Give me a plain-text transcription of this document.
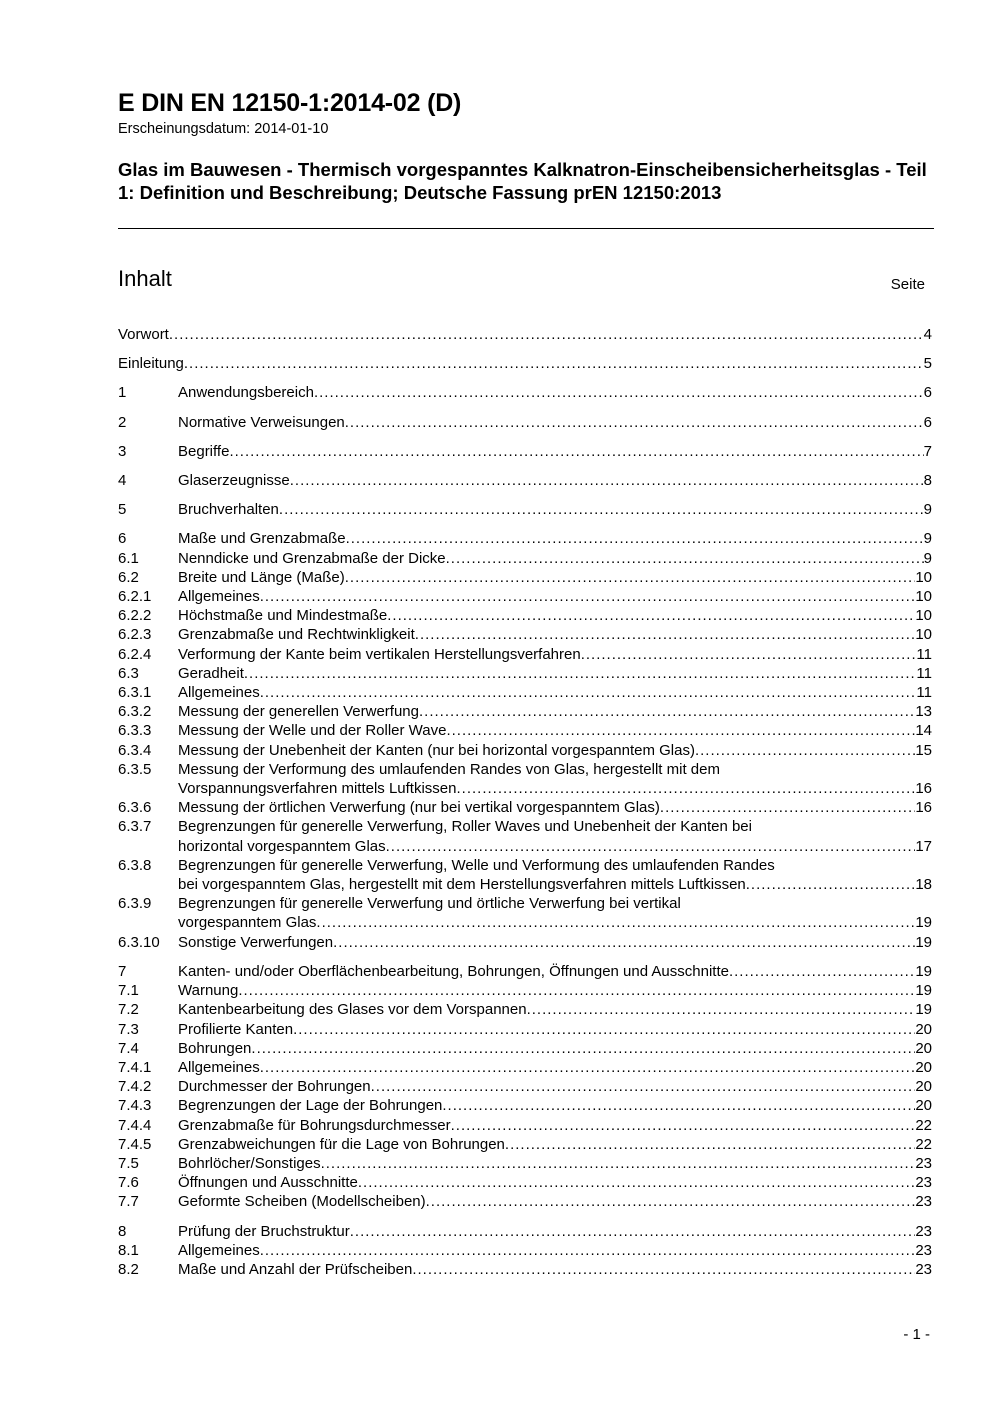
E DIN EN 12150-1:2014-02 (D)
Erscheinungsdatum: 2014-01-10
Glas im Bauwesen - Thermisch vorgespanntes Kalknatron-Einscheibensicherheitsglas - Teil 1: Definition und Beschreibung; Deutsche Fassung prEN 12150:2013
Inhalt	Seite
Vorwort .....	4
Einleitung .....	5
1	Anwendungsbereich .....	6
2	Normative Verweisungen .....	6
3	Begriffe .....	7
4	Glaserzeugnisse .....	8
5	Bruchverhalten .....	9
6	Maße und Grenzabmaße .....	9
6.1	Nenndicke und Grenzabmaße der Dicke .....	9
6.2	Breite und Länge (Maße) .....	10
6.2.1	Allgemeines .....	10
6.2.2	Höchstmaße und Mindestmaße .....	10
6.2.3	Grenzabmaße und Rechtwinkligkeit .....	10
6.2.4	Verformung der Kante beim vertikalen Herstellungsverfahren .....	11
6.3	Geradheit .....	11
6.3.1	Allgemeines .....	11
6.3.2	Messung der generellen Verwerfung .....	13
6.3.3	Messung der Welle und der Roller Wave .....	14
6.3.4	Messung der Unebenheit der Kanten (nur bei horizontal vorgespanntem Glas) .....	15
6.3.5	Messung der Verformung des umlaufenden Randes von Glas, hergestellt mit dem
Vorspannungsverfahren mittels Luftkissen .....	16
6.3.6	Messung der örtlichen Verwerfung (nur bei vertikal vorgespanntem Glas) .....	16
6.3.7	Begrenzungen für generelle Verwerfung, Roller Waves und Unebenheit der Kanten bei
horizontal vorgespanntem Glas .....	17
6.3.8	Begrenzungen für generelle Verwerfung, Welle und Verformung des umlaufenden Randes
bei vorgespanntem Glas, hergestellt mit dem Herstellungsverfahren mittels Luftkissen .....	18
6.3.9	Begrenzungen für generelle Verwerfung und örtliche Verwerfung bei vertikal
vorgespanntem Glas .....	19
6.3.10	Sonstige Verwerfungen .....	19
7	Kanten- und/oder Oberflächenbearbeitung, Bohrungen, Öffnungen und Ausschnitte .....	19
7.1	Warnung .....	19
7.2	Kantenbearbeitung des Glases vor dem Vorspannen .....	19
7.3	Profilierte Kanten .....	20
7.4	Bohrungen .....	20
7.4.1	Allgemeines .....	20
7.4.2	Durchmesser der Bohrungen .....	20
7.4.3	Begrenzungen der Lage der Bohrungen .....	20
7.4.4	Grenzabmaße für Bohrungsdurchmesser .....	22
7.4.5	Grenzabweichungen für die Lage von Bohrungen .....	22
7.5	Bohrlöcher/Sonstiges .....	23
7.6	Öffnungen und Ausschnitte .....	23
7.7	Geformte Scheiben (Modellscheiben) .....	23
8	Prüfung der Bruchstruktur .....	23
8.1	Allgemeines .....	23
8.2	Maße und Anzahl der Prüfscheiben .....	23
- 1 -
